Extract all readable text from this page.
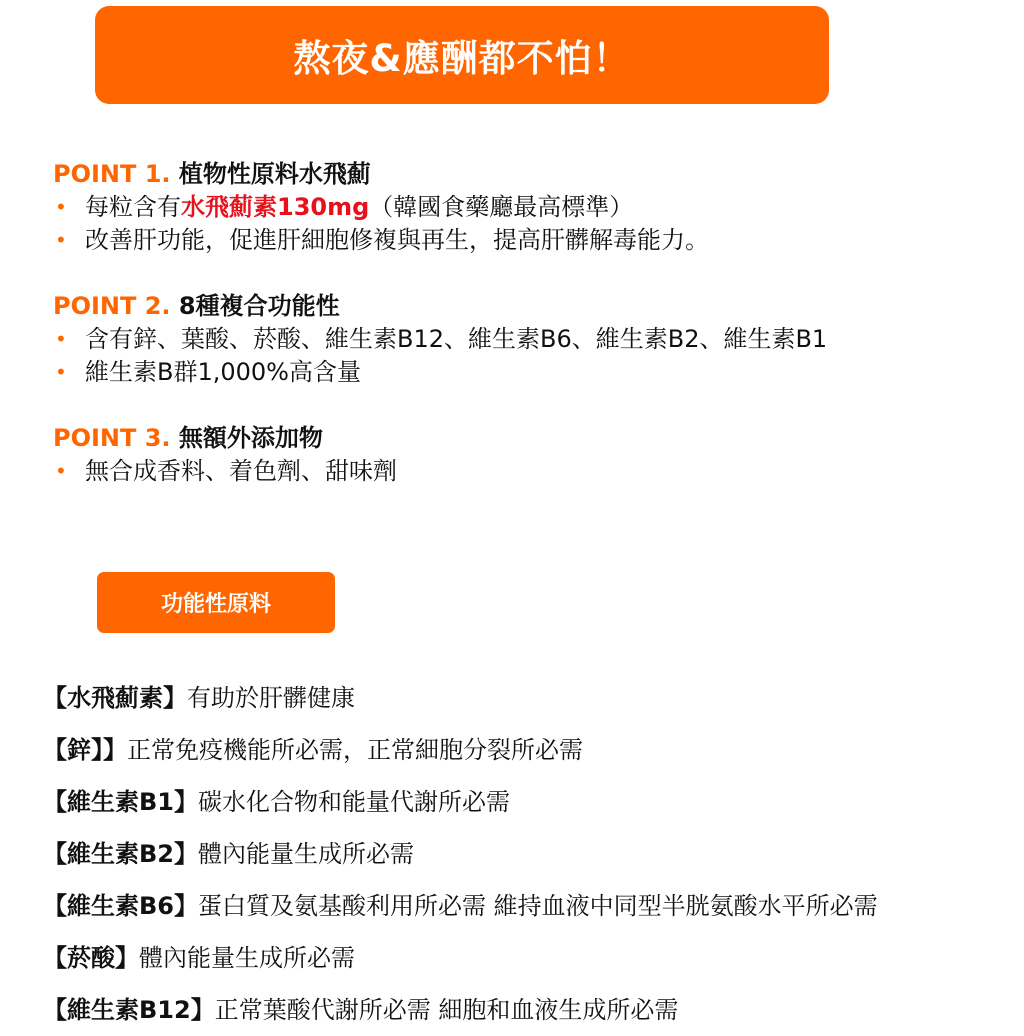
熬夜&應酬都不怕！
POINT 1. 植物性原料水飛薊
• 每粒含有水飛薊素130mg（韓國食藥廳最高標準）
• 改善肝功能，促進肝細胞修複與再生，提高肝髒解毒能力。
POINT 2. 8種複合功能性
• 含有鋅、葉酸、菸酸、維生素B12、維生素B6、維生素B2、維生素B1
• 維生素B群1,000%高含量
POINT 3. 無額外添加物
• 無合成香料、着色劑、甜味劑
功能性原料
【水飛薊素】有助於肝髒健康
【鋅】】正常免疫機能所必需，正常細胞分裂所必需
【維生素B1】碳水化合物和能量代謝所必需
【維生素B2】體內能量生成所必需
【維生素B6】蛋白質及氨基酸利用所必需 維持血液中同型半胱氨酸水平所必需
【菸酸】體內能量生成所必需
【維生素B12】正常葉酸代謝所必需 細胞和血液生成所必需
